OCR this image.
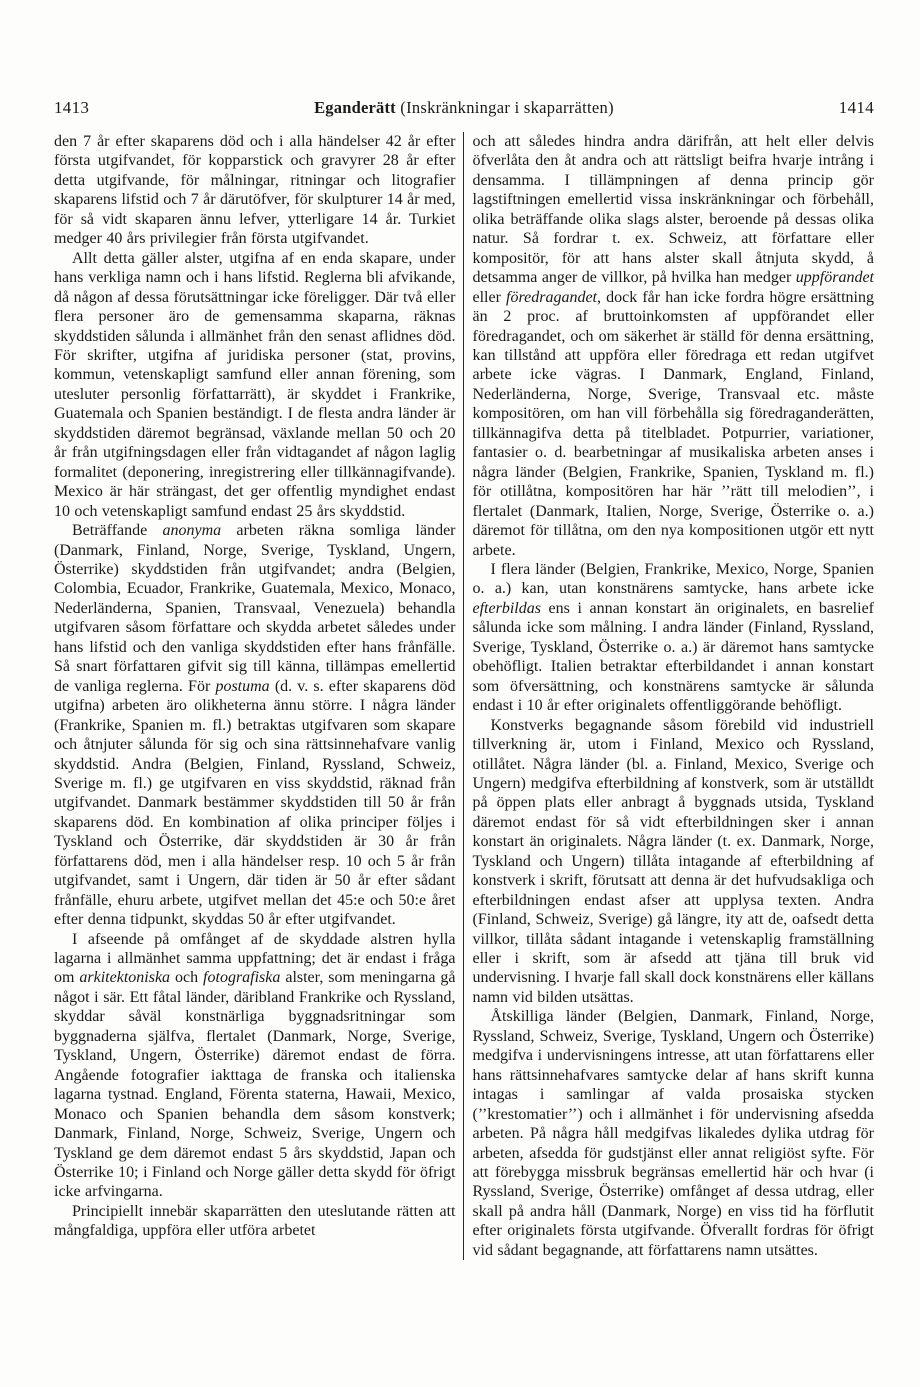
1413	Eganderätt (Inskränkningar i skaparrätten)	1414

den 7 år efter skaparens död och i alla händelser 42 år efter första utgifvandet, för kopparstick och gravyrer 28 år efter detta utgifvande, för målningar, ritningar och litografier skaparens lifstid och 7 år därutöfver, för skulpturer 14 år med, för så vidt skaparen ännu lefver, ytterligare 14 år. Turkiet medger 40 års privilegier från första utgifvandet.

Allt detta gäller alster, utgifna af en enda skapare, under hans verkliga namn och i hans lifstid. Reglerna bli afvikande, då någon af dessa förutsättningar icke föreligger. Där två eller flera personer äro de gemensamma skaparna, räknas skyddstiden sålunda i allmänhet från den senast aflidnes död. För skrifter, utgifna af juridiska personer (stat, provins, kommun, vetenskapligt samfund eller annan förening, som utesluter personlig författarrätt), är skyddet i Frankrike, Guatemala och Spanien beständigt. I de flesta andra länder är skyddstiden däremot begränsad, växlande mellan 50 och 20 år från utgifningsdagen eller från vidtagandet af någon laglig formalitet (deponering, inregistrering eller tillkännagifvande). Mexico är här strängast, det ger offentlig myndighet endast 10 och vetenskapligt samfund endast 25 års skyddstid.

Beträffande anonyma arbeten räkna somliga länder (Danmark, Finland, Norge, Sverige, Tyskland, Ungern, Österrike) skyddstiden från utgifvandet; andra (Belgien, Colombia, Ecuador, Frankrike, Guatemala, Mexico, Monaco, Nederländerna, Spanien, Transvaal, Venezuela) behandla utgifvaren såsom författare och skydda arbetet således under hans lifstid och den vanliga skyddstiden efter hans frånfälle. Så snart författaren gifvit sig till känna, tillämpas emellertid de vanliga reglerna. För postuma (d. v. s. efter skaparens död utgifna) arbeten äro olikheterna ännu större. I några länder (Frankrike, Spanien m. fl.) betraktas utgifvaren som skapare och åtnjuter sålunda för sig och sina rättsinnehafvare vanlig skyddstid. Andra (Belgien, Finland, Ryssland, Schweiz, Sverige m. fl.) ge utgifvaren en viss skyddstid, räknad från utgifvandet. Danmark bestämmer skyddstiden till 50 år från skaparens död. En kombination af olika principer följes i Tyskland och Österrike, där skyddstiden är 30 år från författarens död, men i alla händelser resp. 10 och 5 år från utgifvandet, samt i Ungern, där tiden är 50 år efter sådant frånfälle, ehuru arbete, utgifvet mellan det 45:e och 50:e året efter denna tidpunkt, skyddas 50 år efter utgifvandet.

I afseende på omfånget af de skyddade alstren hylla lagarna i allmänhet samma uppfattning; det är endast i fråga om arkitektoniska och fotografiska alster, som meningarna gå något i sär. Ett fåtal länder, däribland Frankrike och Ryssland, skyddar såväl konstnärliga byggnadsritningar som byggnaderna själfva, flertalet (Danmark, Norge, Sverige, Tyskland, Ungern, Österrike) däremot endast de förra. Angående fotografier iakttaga de franska och italienska lagarna tystnad. England, Förenta staterna, Hawaii, Mexico, Monaco och Spanien behandla dem såsom konstverk; Danmark, Finland, Norge, Schweiz, Sverige, Ungern och Tyskland ge dem däremot endast 5 års skyddstid, Japan och Österrike 10; i Finland och Norge gäller detta skydd för öfrigt icke arfvingarna.

Principiellt innebär skaparrätten den uteslutande rätten att mångfaldiga, uppföra eller utföra arbetet

och att således hindra andra därifrån, att helt eller delvis öfverlåta den åt andra och att rättsligt beifra hvarje intrång i densamma. I tillämpningen af denna princip gör lagstiftningen emellertid vissa inskränkningar och förbehåll, olika beträffande olika slags alster, beroende på dessas olika natur. Så fordrar t. ex. Schweiz, att författare eller kompositör, för att hans alster skall åtnjuta skydd, å detsamma anger de villkor, på hvilka han medger uppförandet eller föredragandet, dock får han icke fordra högre ersättning än 2 proc. af bruttoinkomsten af uppförandet eller föredragandet, och om säkerhet är ställd för denna ersättning, kan tillstånd att uppföra eller föredraga ett redan utgifvet arbete icke vägras. I Danmark, England, Finland, Nederländerna, Norge, Sverige, Transvaal etc. måste kompositören, om han vill förbehålla sig föredraganderätten, tillkännagifva detta på titelbladet. Potpurrier, variationer, fantasier o. d. bearbetningar af musikaliska arbeten anses i några länder (Belgien, Frankrike, Spanien, Tyskland m. fl.) för otillåtna, kompositören har här ’’rätt till melodien’’, i flertalet (Danmark, Italien, Norge, Sverige, Österrike o. a.) däremot för tillåtna, om den nya kompositionen utgör ett nytt arbete.

I flera länder (Belgien, Frankrike, Mexico, Norge, Spanien o. a.) kan, utan konstnärens samtycke, hans arbete icke efterbildas ens i annan konstart än originalets, en basrelief sålunda icke som målning. I andra länder (Finland, Ryssland, Sverige, Tyskland, Österrike o. a.) är däremot hans samtycke obehöfligt. Italien betraktar efterbildandet i annan konstart som öfversättning, och konstnärens samtycke är sålunda endast i 10 år efter originalets offentliggörande behöfligt.

Konstverks begagnande såsom förebild vid industriell tillverkning är, utom i Finland, Mexico och Ryssland, otillåtet. Några länder (bl. a. Finland, Mexico, Sverige och Ungern) medgifva efterbildning af konstverk, som är utställdt på öppen plats eller anbragt å byggnads utsida, Tyskland däremot endast för så vidt efterbildningen sker i annan konstart än originalets. Några länder (t. ex. Danmark, Norge, Tyskland och Ungern) tillåta intagande af efterbildning af konstverk i skrift, förutsatt att denna är det hufvudsakliga och efterbildningen endast afser att upplysa texten. Andra (Finland, Schweiz, Sverige) gå längre, ity att de, oafsedt detta villkor, tillåta sådant intagande i vetenskaplig framställning eller i skrift, som är afsedd att tjäna till bruk vid undervisning. I hvarje fall skall dock konstnärens eller källans namn vid bilden utsättas.

Åtskilliga länder (Belgien, Danmark, Finland, Norge, Ryssland, Schweiz, Sverige, Tyskland, Ungern och Österrike) medgifva i undervisningens intresse, att utan författarens eller hans rättsinnehafvares samtycke delar af hans skrift kunna intagas i samlingar af valda prosaiska stycken (’’krestomatier’’) och i allmänhet i för undervisning afsedda arbeten. På några håll medgifvas likaledes dylika utdrag för arbeten, afsedda för gudstjänst eller annat religiöst syfte. För att förebygga missbruk begränsas emellertid här och hvar (i Ryssland, Sverige, Österrike) omfånget af dessa utdrag, eller skall på andra håll (Danmark, Norge) en viss tid ha förflutit efter originalets första utgifvande. Öfverallt fordras för öfrigt vid sådant begagnande, att författarens namn utsättes.
